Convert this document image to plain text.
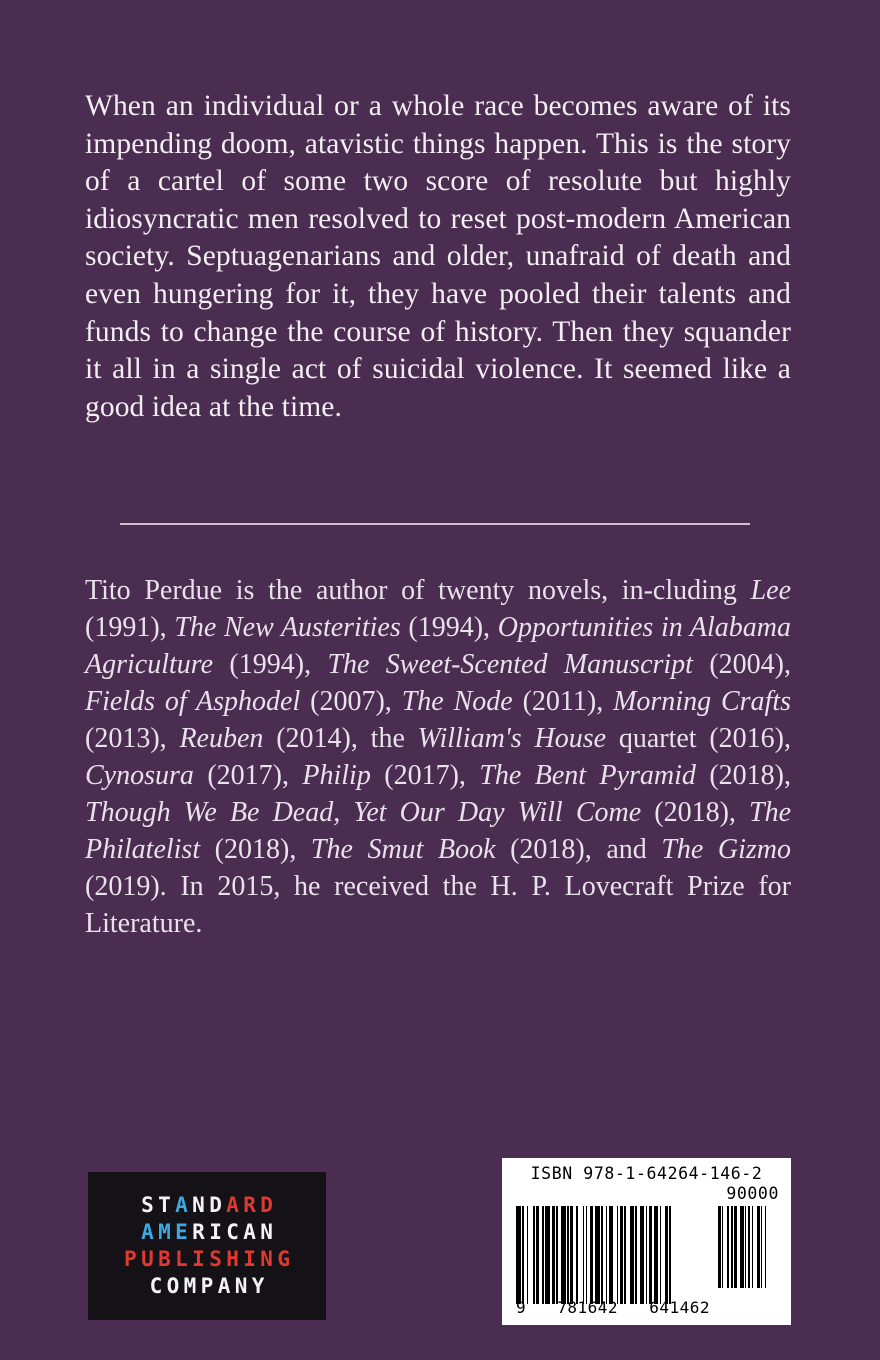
When an individual or a whole race becomes aware of its impending doom, atavistic things happen. This is the story of a cartel of some two score of resolute but highly idiosyncratic men resolved to reset post-modern American society. Septuagenarians and older, unafraid of death and even hungering for it, they have pooled their talents and funds to change the course of history. Then they squander it all in a single act of suicidal violence. It seemed like a good idea at the time.
Tito Perdue is the author of twenty novels, in-cluding Lee (1991), The New Austerities (1994), Opportunities in Alabama Agriculture (1994), The Sweet-Scented Manuscript (2004), Fields of Asphodel (2007), The Node (2011), Morning Crafts (2013), Reuben (2014), the William's House quartet (2016), Cynosura (2017), Philip (2017), The Bent Pyramid (2018), Though We Be Dead, Yet Our Day Will Come (2018), The Philatelist (2018), The Smut Book (2018), and The Gizmo (2019). In 2015, he received the H. P. Lovecraft Prize for Literature.
S T A N D A R D
A M E R I C A N
P U B L I S H I N G
C O M P A N Y
ISBN 978-1-64264-146-2
90000
9 781642 641462
